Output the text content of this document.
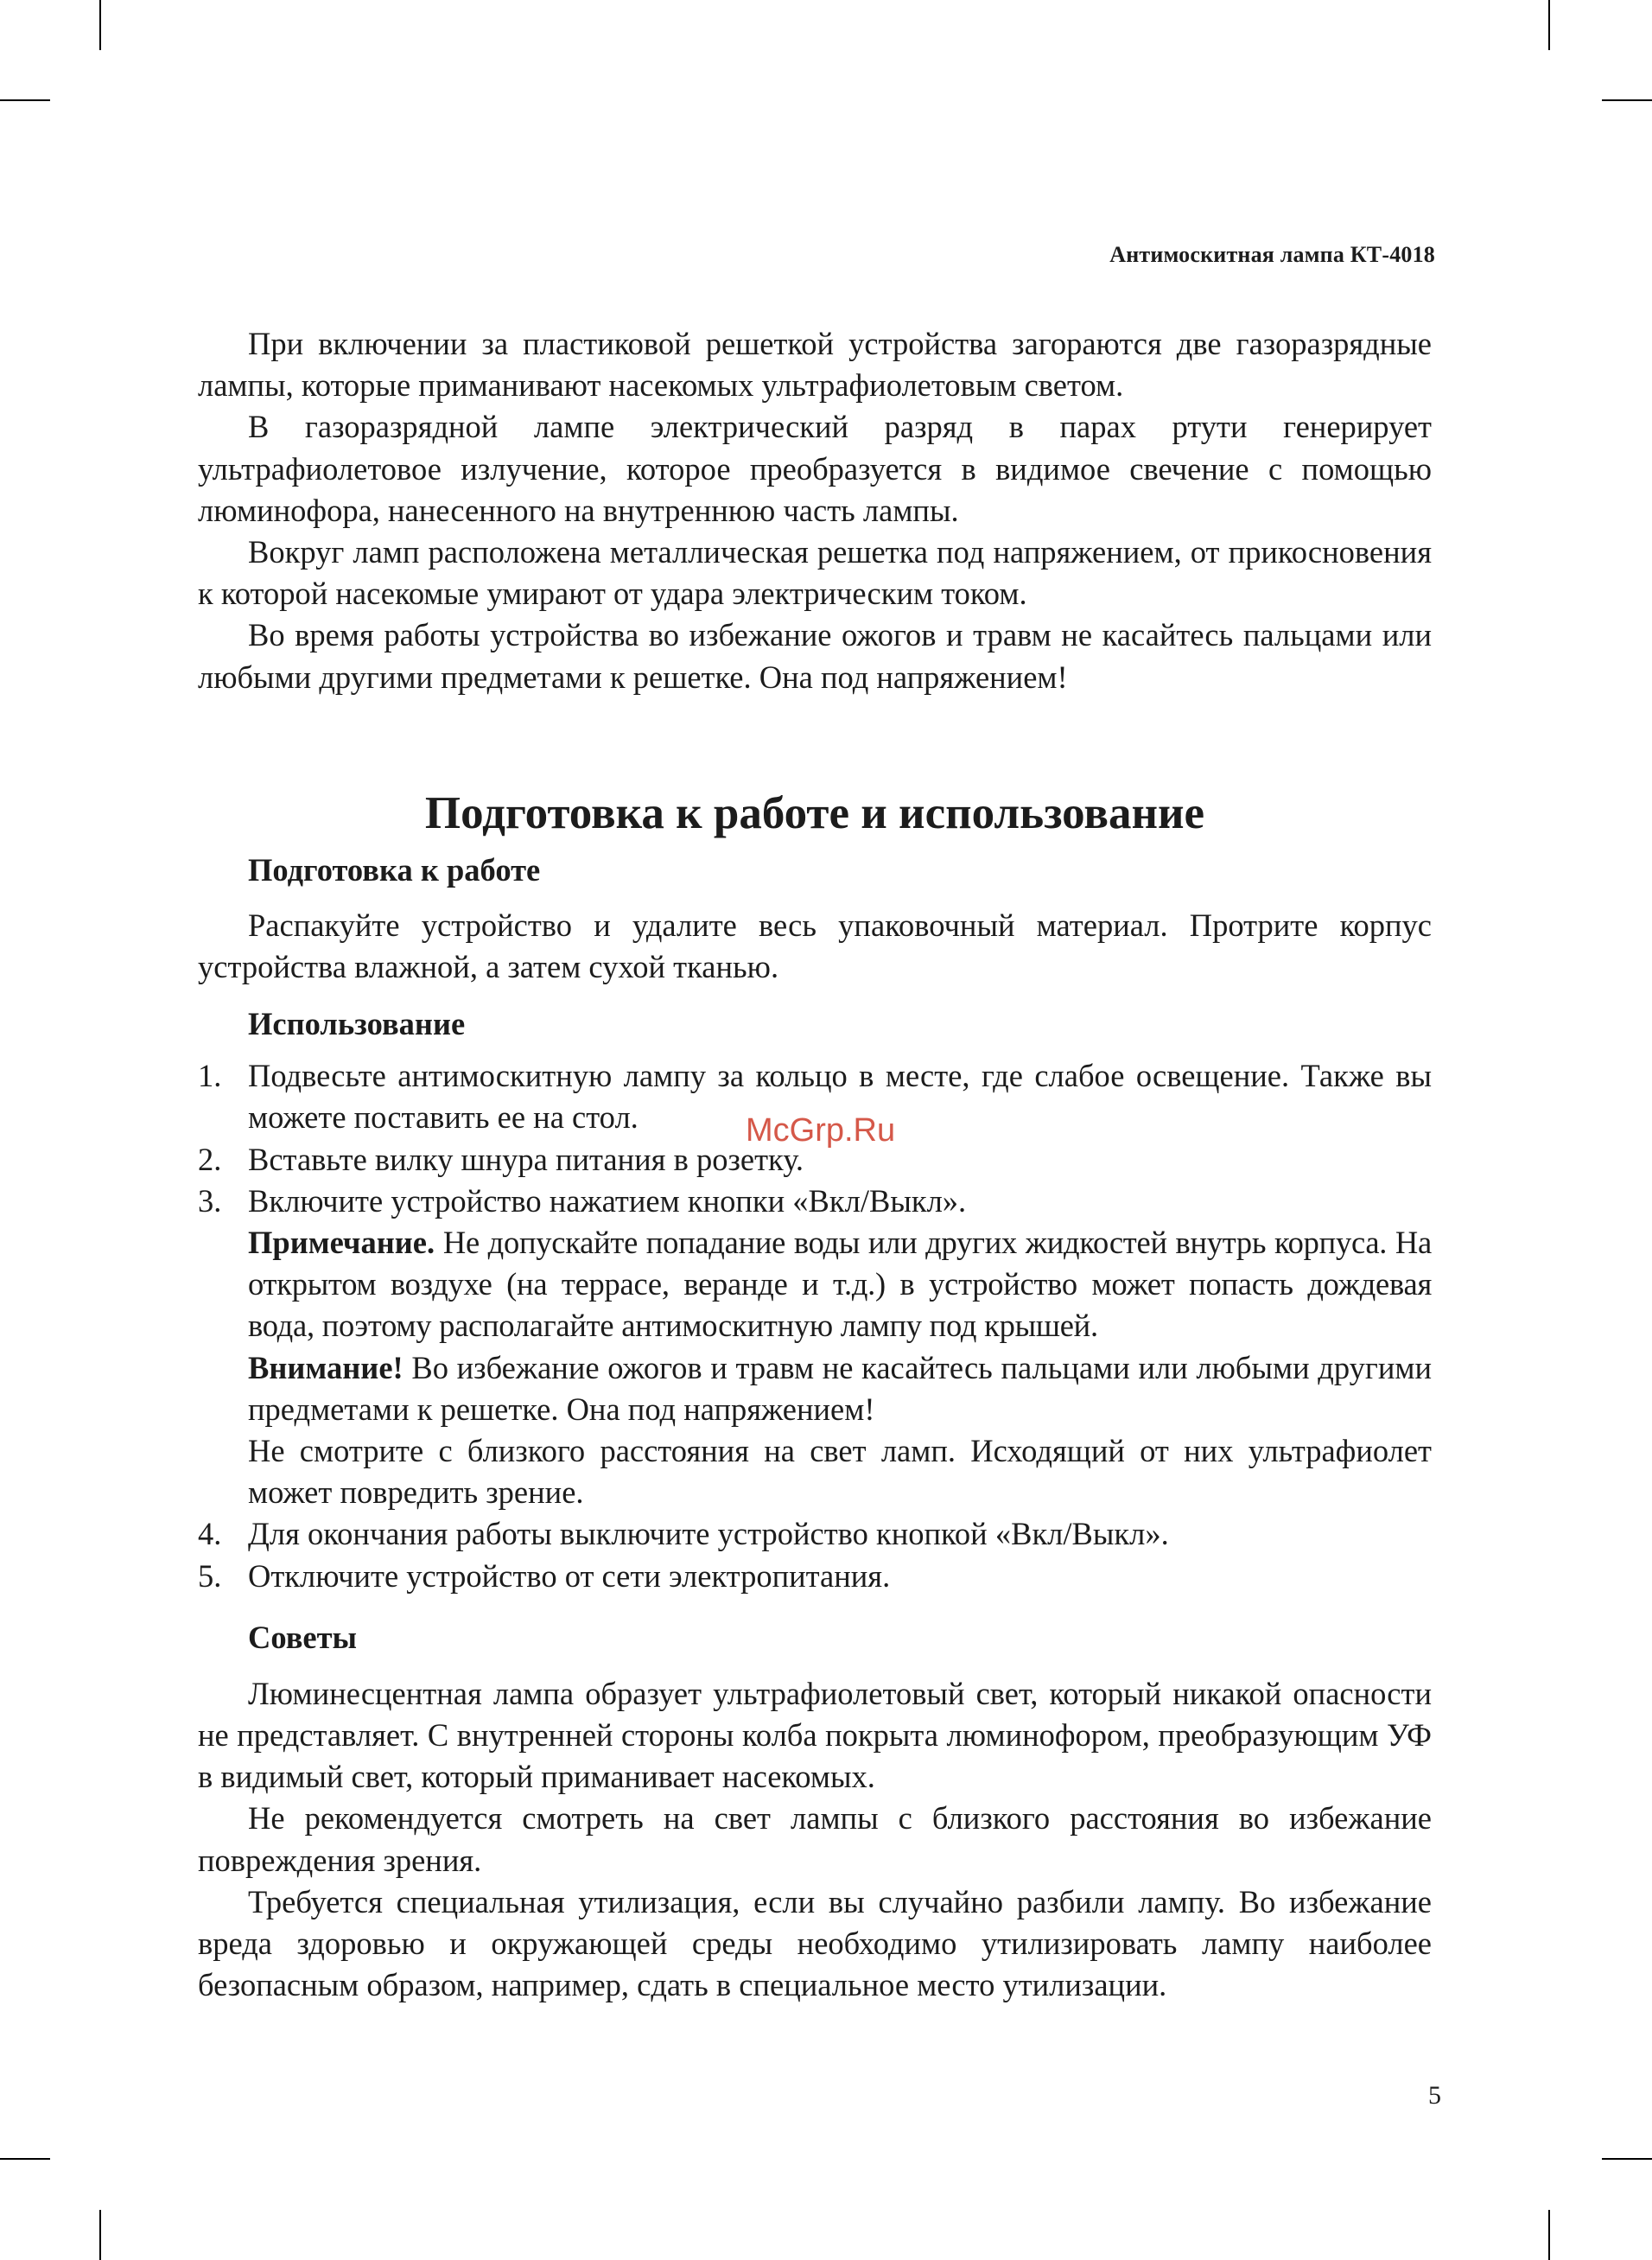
Антимоскитная лампа КТ-4018

При включении за пластиковой решеткой устройства загораются две газоразрядные лампы, которые приманивают насекомых ультрафиолетовым светом.

В газоразрядной лампе электрический разряд в парах ртути генерирует ультрафиолетовое излучение, которое преобразуется в видимое свечение с помощью люминофора, нанесенного на внутреннюю часть лампы.

Вокруг ламп расположена металлическая решетка под напряжением, от прикосновения к которой насекомые умирают от удара электрическим током.

Во время работы устройства во избежание ожогов и травм не касайтесь пальцами или любыми другими предметами к решетке. Она под напряжением!

Подготовка к работе и использование
Подготовка к работе

Распакуйте устройство и удалите весь упаковочный материал. Протрите корпус устройства влажной, а затем сухой тканью.

Использование
1. Подвесьте антимоскитную лампу за кольцо в месте, где слабое освещение. Также вы можете поставить ее на стол.
2. Вставьте вилку шнура питания в розетку.
3. Включите устройство нажатием кнопки «Вкл/Выкл».
Примечание. Не допускайте попадание воды или других жидкостей внутрь корпуса. На открытом воздухе (на террасе, веранде и т.д.) в устройство может попасть дождевая вода, поэтому располагайте антимоскитную лампу под крышей.
Внимание! Во избежание ожогов и травм не касайтесь пальцами или любыми другими предметами к решетке. Она под напряжением!
Не смотрите с близкого расстояния на свет ламп. Исходящий от них ультрафиолет может повредить зрение.
4. Для окончания работы выключите устройство кнопкой «Вкл/Выкл».
5. Отключите устройство от сети электропитания.
Советы

Люминесцентная лампа образует ультрафиолетовый свет, который никакой опасности не представляет. С внутренней стороны колба покрыта люминофором, преобразующим УФ в видимый свет, который приманивает насекомых.

Не рекомендуется смотреть на свет лампы с близкого расстояния во избежание повреждения зрения.

Требуется специальная утилизация, если вы случайно разбили лампу. Во избежание вреда здоровью и окружающей среды необходимо утилизировать лампу наиболее безопасным образом, например, сдать в специальное место утилизации.

McGrp.Ru
5
